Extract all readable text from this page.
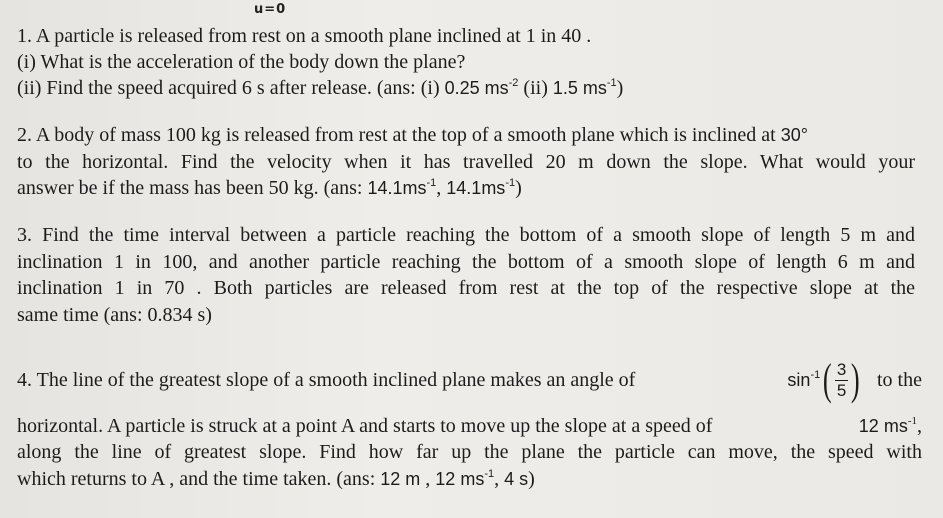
u=0
1. A particle is released from rest on a smooth plane inclined at 1 in 40 .
(i) What is the acceleration of the body down the plane?
(ii) Find the speed acquired 6 s after release. (ans: (i) 0.25 $ms^{-2}$ (ii) 1.5 $ms^{-1}$)
2. A body of mass 100 kg is released from rest at the top of a smooth plane which is inclined at 30°
to the horizontal. Find the velocity when it has travelled 20 m down the slope. What would your
answer be if the mass has been 50 kg. (ans: $14.1ms^{-1}$, $14.1ms^{-1}$)
3. Find the time interval between a particle reaching the bottom of a smooth slope of length 5 m and
inclination 1 in 100, and another particle reaching the bottom of a smooth slope of length 6 m and
inclination 1 in 70 . Both particles are released from rest at the top of the respective slope at the
same time (ans: 0.834 s)
4. The line of the greatest slope of a smooth inclined plane makes an angle of	$\sin^{-1}$ ( $\frac{3}{5}$ ) to the
horizontal. A particle is struck at a point A and starts to move up the slope at a speed of	12 $ms^{-1}$,
along the line of greatest slope. Find how far up the plane the particle can move, the speed with
which returns to A , and the time taken. (ans: 12 m , 12 $ms^{-1}$, 4 s)
